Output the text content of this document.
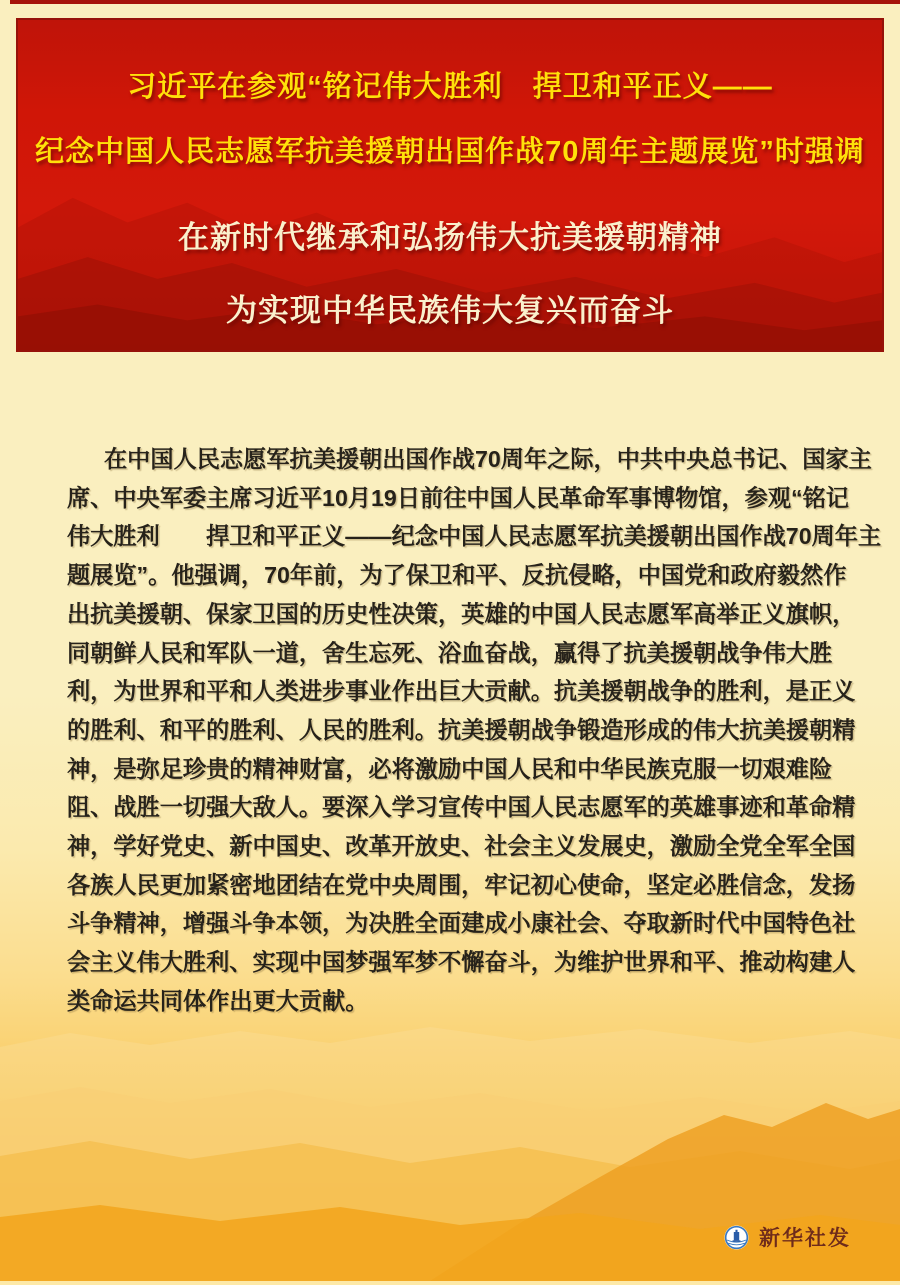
习近平在参观“铭记伟大胜利　捍卫和平正义——
纪念中国人民志愿军抗美援朝出国作战70周年主题展览”时强调
在新时代继承和弘扬伟大抗美援朝精神
为实现中华民族伟大复兴而奋斗
在中国人民志愿军抗美援朝出国作战70周年之际，中共中央总书记、国家主
席、中央军委主席习近平10月19日前往中国人民革命军事博物馆，参观“铭记
伟大胜利　　捍卫和平正义——纪念中国人民志愿军抗美援朝出国作战70周年主
题展览”。他强调，70年前，为了保卫和平、反抗侵略，中国党和政府毅然作
出抗美援朝、保家卫国的历史性决策，英雄的中国人民志愿军高举正义旗帜，
同朝鲜人民和军队一道，舍生忘死、浴血奋战，赢得了抗美援朝战争伟大胜
利，为世界和平和人类进步事业作出巨大贡献。抗美援朝战争的胜利，是正义
的胜利、和平的胜利、人民的胜利。抗美援朝战争锻造形成的伟大抗美援朝精
神，是弥足珍贵的精神财富，必将激励中国人民和中华民族克服一切艰难险
阻、战胜一切强大敌人。要深入学习宣传中国人民志愿军的英雄事迹和革命精
神，学好党史、新中国史、改革开放史、社会主义发展史，激励全党全军全国
各族人民更加紧密地团结在党中央周围，牢记初心使命，坚定必胜信念，发扬
斗争精神，增强斗争本领，为决胜全面建成小康社会、夺取新时代中国特色社
会主义伟大胜利、实现中国梦强军梦不懈奋斗，为维护世界和平、推动构建人
类命运共同体作出更大贡献。
新华社发
